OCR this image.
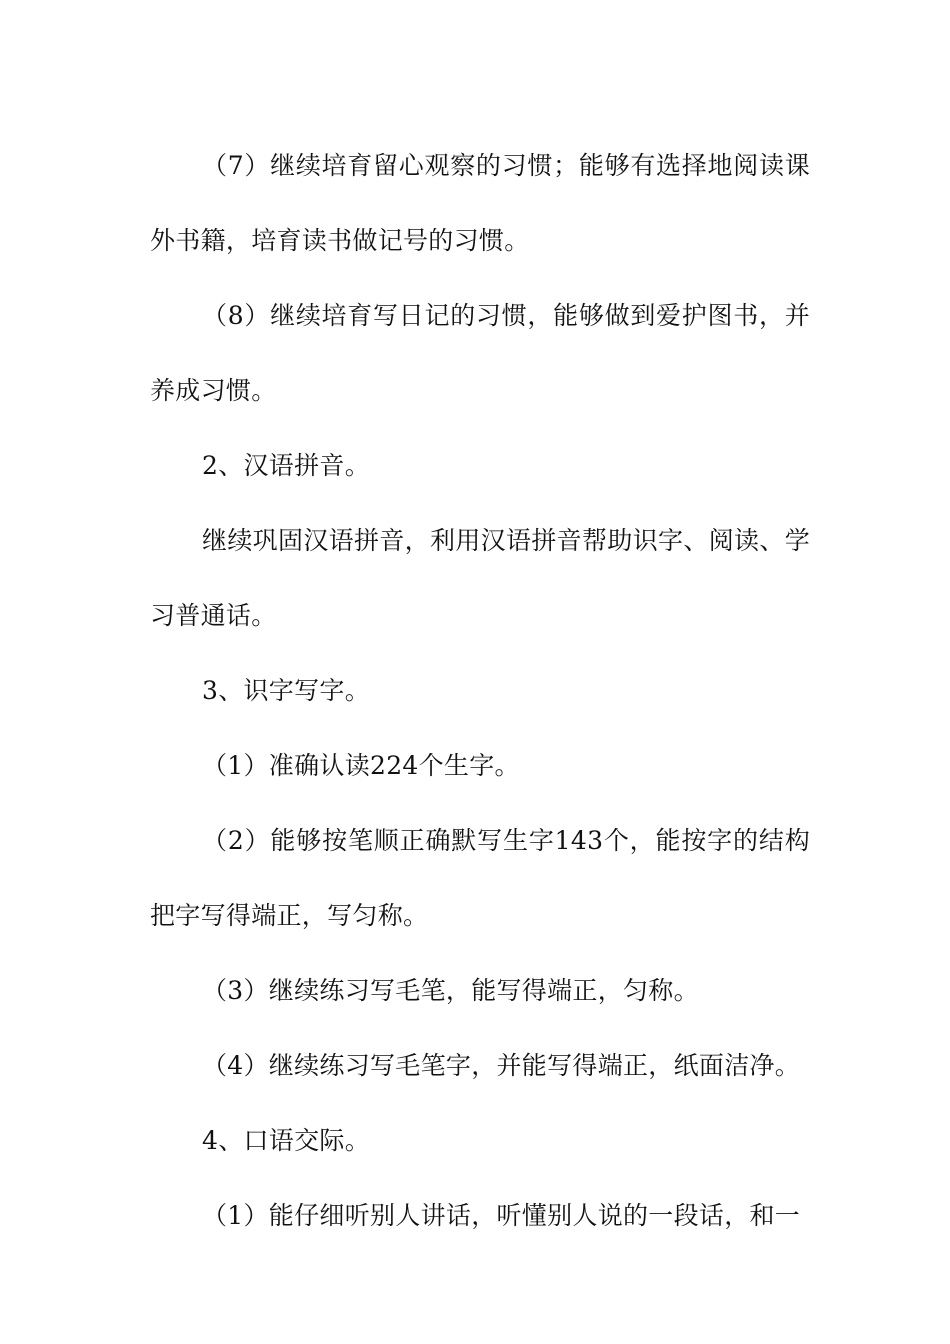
（7）继续培育留心观察的习惯；能够有选择地阅读课外书籍，培育读书做记号的习惯。

（8）继续培育写日记的习惯，能够做到爱护图书，并养成习惯。

2、汉语拼音。

继续巩固汉语拼音，利用汉语拼音帮助识字、阅读、学习普通话。

3、识字写字。

（1）准确认读224个生字。

（2）能够按笔顺正确默写生字143个，能按字的结构把字写得端正，写匀称。

（3）继续练习写毛笔，能写得端正，匀称。

（4）继续练习写毛笔字，并能写得端正，纸面洁净。

4、口语交际。

（1）能仔细听别人讲话，听懂别人说的一段话，和一
